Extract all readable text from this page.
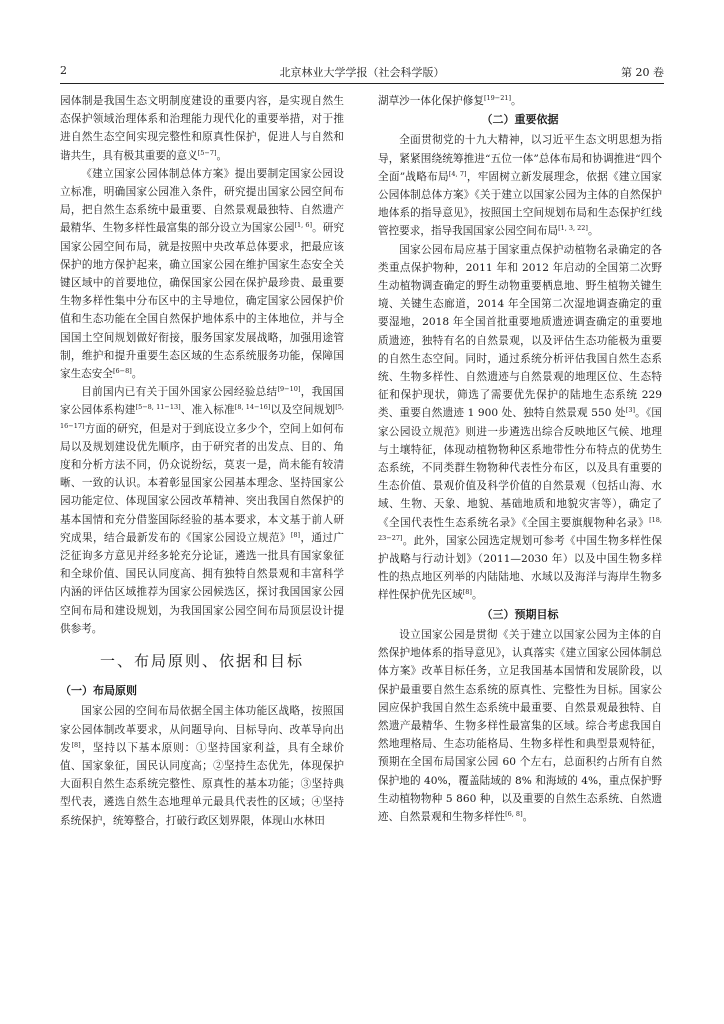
2	北京林业大学学报（社会科学版）	第 20 卷

园体制是我国生态文明制度建设的重要内容，是实现自然生态保护领域治理体系和治理能力现代化的重要举措，对于推进自然生态空间实现完整性和原真性保护，促进人与自然和谐共生，具有极其重要的意义[5−7]。

《建立国家公园体制总体方案》提出要制定国家公园设立标准，明确国家公园准入条件，研究提出国家公园空间布局，把自然生态系统中最重要、自然景观最独特、自然遗产最精华、生物多样性最富集的部分设立为国家公园[1, 6]。研究国家公园空间布局，就是按照中央改革总体要求，把最应该保护的地方保护起来，确立国家公园在维护国家生态安全关键区域中的首要地位，确保国家公园在保护最珍贵、最重要生物多样性集中分布区中的主导地位，确定国家公园保护价值和生态功能在全国自然保护地体系中的主体地位，并与全国国土空间规划做好衔接，服务国家发展战略，加强用途管制，维护和提升重要生态区域的生态系统服务功能，保障国家生态安全[6−8]。

目前国内已有关于国外国家公园经验总结[9−10]，我国国家公园体系构建[5−8, 11−13]、准入标准[8, 14−16]以及空间规划[5, 16−17]方面的研究，但是对于到底设立多少个，空间上如何布局以及规划建设优先顺序，由于研究者的出发点、目的、角度和分析方法不同，仍众说纷纭，莫衷一是，尚未能有较清晰、一致的认识。本着彰显国家公园基本理念、坚持国家公园功能定位、体现国家公园改革精神、突出我国自然保护的基本国情和充分借鉴国际经验的基本要求，本文基于前人研究成果，结合最新发布的《国家公园设立规范》[8]，通过广泛征询多方意见并经多轮充分论证，遴选一批具有国家象征和全球价值、国民认同度高、拥有独特自然景观和丰富科学内涵的评估区域推荐为国家公园候选区，探讨我国国家公园空间布局和建设规划，为我国国家公园空间布局顶层设计提供参考。

一、布局原则、依据和目标
（一）布局原则

国家公园的空间布局依据全国主体功能区战略，按照国家公园体制改革要求，从问题导向、目标导向、改革导向出发[8]，坚持以下基本原则：①坚持国家利益，具有全球价值、国家象征，国民认同度高；②坚持生态优先，体现保护大面积自然生态系统完整性、原真性的基本功能；③坚持典型代表，遴选自然生态地理单元最具代表性的区域；④坚持系统保护，统筹整合，打破行政区划界限，体现山水林田

湖草沙一体化保护修复[19−21]。

（二）重要依据

全面贯彻党的十九大精神，以习近平生态文明思想为指导，紧紧围绕统筹推进“五位一体”总体布局和协调推进“四个全面”战略布局[4, 7]，牢固树立新发展理念，依据《建立国家公园体制总体方案》《关于建立以国家公园为主体的自然保护地体系的指导意见》，按照国土空间规划布局和生态保护红线管控要求，指导我国国家公园空间布局[1, 3, 22]。

国家公园布局应基于国家重点保护动植物名录确定的各类重点保护物种，2011 年和 2012 年启动的全国第二次野生动植物调查确定的野生动物重要栖息地、野生植物关键生境、关键生态廊道，2014 年全国第二次湿地调查确定的重要湿地，2018 年全国首批重要地质遗迹调查确定的重要地质遗迹，独特有名的自然景观，以及评估生态功能极为重要的自然生态空间。同时，通过系统分析评估我国自然生态系统、生物多样性、自然遗迹与自然景观的地理区位、生态特征和保护现状，筛选了需要优先保护的陆地生态系统 229 类、重要自然遗迹 1 900 处、独特自然景观 550 处[3]。《国家公园设立规范》则进一步遴选出综合反映地区气候、地理与土壤特征，体现动植物物种区系地带性分布特点的优势生态系统，不同类群生物物种代表性分布区，以及具有重要的生态价值、景观价值及科学价值的自然景观（包括山海、水域、生物、天象、地貌、基础地质和地貌灾害等），确定了《全国代表性生态系统名录》《全国主要旗舰物种名录》[18, 23−27]。此外，国家公园选定规划可参考《中国生物多样性保护战略与行动计划》（2011—2030 年）以及中国生物多样性的热点地区列举的内陆陆地、水域以及海洋与海岸生物多样性保护优先区域[8]。

（三）预期目标

设立国家公园是贯彻《关于建立以国家公园为主体的自然保护地体系的指导意见》，认真落实《建立国家公园体制总体方案》改革目标任务，立足我国基本国情和发展阶段，以保护最重要自然生态系统的原真性、完整性为目标。国家公园应保护我国自然生态系统中最重要、自然景观最独特、自然遗产最精华、生物多样性最富集的区域。综合考虑我国自然地理格局、生态功能格局、生物多样性和典型景观特征，预期在全国布局国家公园 60 个左右，总面积约占所有自然保护地的 40%，覆盖陆域的 8% 和海域的 4%，重点保护野生动植物物种 5 860 种，以及重要的自然生态系统、自然遗迹、自然景观和生物多样性[6, 8]。
